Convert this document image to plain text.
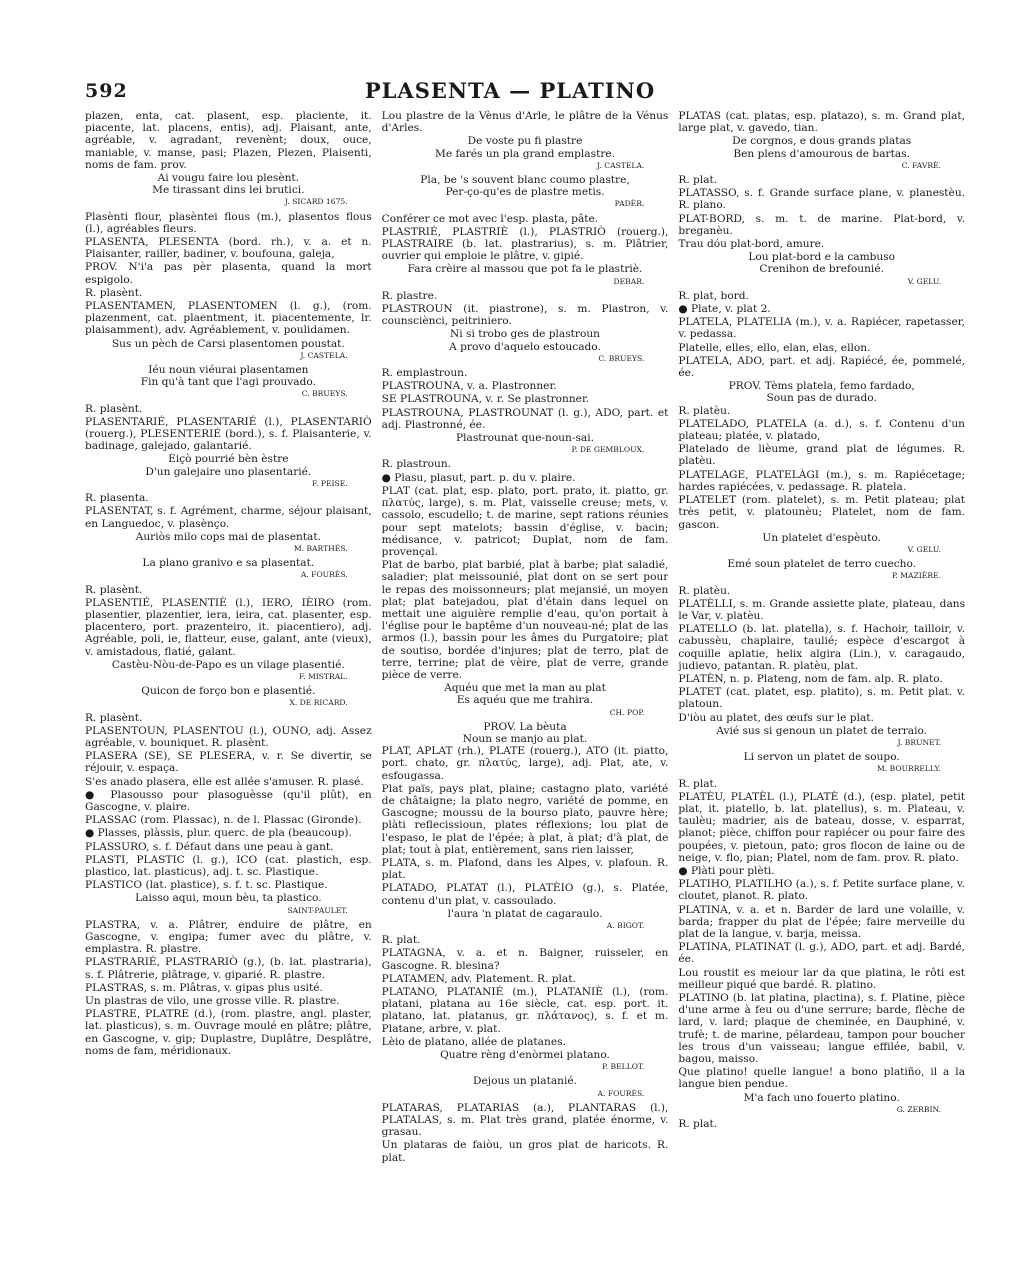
592	PLASENTA — PLATINO
plazen, enta, cat. plasent, esp. placiente, it. piacente, lat. placens, entis), adj. Plaisant, ante, agréable, v. agradant, revenènt; doux, ouce, maniable, v. manse, pasi; Plazen, Plezen, Plaisenti, noms de fam. prov.
Ai vougu faire lou plesènt.
Me tirassant dins lei brutici.
J. SICARD 1675.
Plasènti flour, plasèntei flous (m.), plasentos flous (l.), agréables fleurs.
PLASENTA, PLESENTA (bord. rh.), v. a. et n. Plaisanter, railler, badiner, v. boufouna, galeja,
PROV. N'i'a pas pèr plasenta, quand la mort espigolo.
R. plasènt.
PLASENTAMEN, PLASENTOMEN (l. g.), (rom. plazenment, cat. plaentment, it. piacentemente, lr. plaisamment), adv. Agréablement, v. poulidamen.
Sus un pèch de Carsi plasentomen poustat.
J. CASTELA.
Iéu noun viéurai plasentamen
Fin qu'à tant que l'agi prouvado.
C. BRUEYS.
R. plasènt.
PLASENTARIÉ, PLASENTARIÉ (l.), PLASENTARIÒ (rouerg.), PLESENTERIÉ (bord.), s. f. Plaisanterie, v. badinage, galejado, galantarié.
Eiçò pourrié bèn èstre
D'un galejaire uno plasentarié.
F. PEISE.
R. plasenta.
PLASENTAT, s. f. Agrément, charme, séjour plaisant, en Languedoc, v. plasènço.
Auriòs milo cops mai de plasentat.
M. BARTHÉS.
La plano granivo e sa plasentat.
A. FOURÈS.
R. plasènt.
PLASENTIÉ, PLASENTIÈ (l.), IERO, IÈIRO (rom. plasentier, plazentier, iera, ieira, cat. plasenter, esp. placentero, port. prazenteiro, it. piacentiero), adj. Agréable, poli, ie, flatteur, euse, galant, ante (vieux), v. amistadous, flatié, galant.
Castèu-Nòu-de-Papo es un vilage plasentié.
F. MISTRAL.
Quicon de forço bon e plasentié.
X. DE RICARD.
R. plasènt.
PLASENTOUN, PLASENTOU (l.), OUNO, adj. Assez agréable, v. bouniquet. R. plasènt.
PLASERA (SE), SE PLESERA, v. r. Se divertir, se réjouir, v. espaça.
S'es anado plasera, elle est allée s'amuser. R. plasé.
● Plasousso pour plasoguèsse (qu'il plût), en Gascogne, v. plaire.
PLASSAC (rom. Plassac), n. de l. Plassac (Gironde).
● Plasses, plàssis, plur. querc. de pla (beaucoup).
PLASSURO, s. f. Défaut dans une peau à gant.
PLASTI, PLASTIC (l. g.), ICO (cat. plastich, esp. plastico, lat. plasticus), adj. t. sc. Plastique.
PLASTICO (lat. plastice), s. f. t. sc. Plastique.
Laisso aqui, moun bèu, ta plastico.
SAINT-PAULET.
PLASTRA, v. a. Plâtrer, enduire de plâtre, en Gascogne, v. engipa; fumer avec du plâtre, v. emplastra. R. plastre.
PLASTRARIÉ, PLASTRARIÒ (g.), (b. lat. plastraria), s. f. Plâtrerie, plâtrage, v. giparié. R. plastre.
PLASTRAS, s. m. Plâtras, v. gipas plus usité.
Un plastras de vilo, une grosse ville. R. plastre.
PLASTRE, PLATRE (d.), (rom. plastre, angl. plaster, lat. plasticus), s. m. Ouvrage moulé en plâtre; plâtre, en Gascogne, v. gip; Duplastre, Duplâtre, Desplâtre, noms de fam, méridionaux.
Lou plastre de la Vènus d'Arle, le plâtre de la Vénus d'Arles.
De voste pu fi plastre
Me farés un pla grand emplastre.
J. CASTELA.
Pla, be 's souvent blanc coumo plastre,
Per-ço-qu'es de plastre metis.
PADÈR.
Conférer ce mot avec l'esp. plasta, pâte.
PLASTRIÉ, PLASTRIÈ (l.), PLASTRIÒ (rouerg.), PLASTRAIRE (b. lat. plastrarius), s. m. Plâtrier, ouvrier qui emploie le plâtre, v. gipié.
Fara crèire al massou que pot fa le plastriè.
DEBAR.
R. plastre.
PLASTROUN (it. piastrone), s. m. Plastron, v. counsciènci, peitriniero.
Ni si trobo ges de plastroun
A provo d'aquelo estoucado.
C. BRUEYS.
R. emplastroun.
PLASTROUNA, v. a. Plastronner.
SE PLASTROUNA, v. r. Se plastronner.
PLASTROUNA, PLASTROUNAT (l. g.), ADO, part. et adj. Plastronné, ée.
Plastrounat que-noun-sai.
P. DE GEMBLOUX.
R. plastroun.
● Plasu, plasut, part. p. du v. plaire.
PLAT (cat. plat, esp. plato, port. prato, it. piatto, gr. πλατύς, large), s. m. Plat, vaisselle creuse; mets, v. cassolo, escudello; t. de marine, sept rations réunies pour sept matelots; bassin d'église, v. bacin; médisance, v. patricot; Duplat, nom de fam. provençal.
Plat de barbo, plat barbié, plat à barbe; plat saladié, saladier; plat meissounié, plat dont on se sert pour le repas des moissonneurs; plat mejansié, un moyen plat; plat batejadou, plat d'étain dans lequel on mettait une aiguière remplie d'eau, qu'on portait à l'église pour le baptême d'un nouveau-né; plat de las armos (l.), bassin pour les âmes du Purgatoire; plat de soutiso, bordée d'injures; plat de terro, plat de terre, terrine; plat de vèire, plat de verre, grande pièce de verre.
Aquéu que met la man au plat
Es aquéu que me trahira.
CH. POP.
PROV. La bèuta
Noun se manjo au plat.
PLAT, APLAT (rh.), PLATE (rouerg.), ATO (it. piatto, port. chato, gr. πλατύς, large), adj. Plat, ate, v. esfougassa.
Plat païs, pays plat, plaine; castagno plato, variété de châtaigne; la plato negro, variété de pomme, en Gascogne; moussu de la bourso plato, pauvre hère; plàti reflecissioun, plates réflexions; lou plat de l'espaso, le plat de l'épée; à plat, à plat; d'à plat, de plat; tout à plat, entièrement, sans rien laisser,
PLATA, s. m. Plafond, dans les Alpes, v. plafoun. R. plat.
PLATADO, PLATAT (l.), PLATÈIO (g.), s. Platée, contenu d'un plat, v. cassoulado.
l'aura 'n platat de cagaraulo.
A. BIGOT.
R. plat.
PLATAGNA, v. a. et n. Baigner, ruisseler, en Gascogne. R. blesina?
PLATAMEN, adv. Platement. R. plat.
PLATANO, PLATANIÉ (m.), PLATANIÈ (l.), (rom. platani, platana au 16e siècle, cat. esp. port. it. platano, lat. platanus, gr. πλάτανος), s. f. et m. Platane, arbre, v. plat.
Lèio de platano, allée de platanes.
Quatre rèng d'enòrmei platano.
P. BELLOT.
Dejous un platanié.
A. FOURÈS.
PLATARAS, PLATARIAS (a.), PLANTARAS (l.), PLATALAS, s. m. Plat très grand, platée énorme, v. grasau.
Un plataras de faiòu, un gros plat de haricots. R. plat.
PLATAS (cat. platas, esp. platazo), s. m. Grand plat, large plat, v. gavedo, tian.
De corgnos, e dous grands platas
Ben plens d'amourous de bartas.
C. FAVRÈ.
R. plat.
PLATASSO, s. f. Grande surface plane, v. planestèu. R. plano.
PLAT-BORD, s. m. t. de marine. Plat-bord, v. breganèu.
Trau dóu plat-bord, amure.
Lou plat-bord e la cambuso
Crenihon de brefounié.
V. GELU.
R. plat, bord.
● Plate, v. plat 2.
PLATELA, PLATELIA (m.), v. a. Rapiécer, rapetasser, v. pedassa.
Platelle, elles, ello, elan, elas, ellon.
PLATELA, ADO, part. et adj. Rapiécé, ée, pommelé, ée.
PROV. Tèms platela, femo fardado,
Soun pas de durado.
R. platèu.
PLATELADO, PLATELA (a. d.), s. f. Contenu d'un plateau; platée, v. platado,
Platelado de lièume, grand plat de légumes. R. platèu.
PLATELAGE, PLATELÀGI (m.), s. m. Rapiécetage; hardes rapiécées, v. pedassage. R. platela.
PLATELET (rom. platelet), s. m. Petit plateau; plat très petit, v. platounèu; Platelet, nom de fam. gascon.
Un platelet d'espèuto.
V. GELU.
Emé soun platelet de terro cuecho.
P. MAZIÈRE.
R. platèu.
PLATÈLLI, s. m. Grande assiette plate, plateau, dans le Var, v. platèu.
PLATELLO (b. lat. platella), s. f. Hachoir, tailloir, v. cabussèu, chaplaire, taulié; espèce d'escargot à coquille aplatie, helix algira (Lin.), v. caragaudo, judievo, patantan. R. platèu, plat.
PLATÈN, n. p. Plateng, nom de fam. alp. R. plato.
PLATET (cat. platet, esp. platito), s. m. Petit plat. v. platoun.
D'iòu au platet, des œufs sur le plat.
Avié sus si genoun un platet de terraio.
J. BRUNET.
Li servon un platet de soupo.
M. BOURRELLY.
R. plat.
PLATÈU, PLATÈL (l.), PLATÈ (d.), (esp. platel, petit plat, it. piatello, b. lat. platellus), s. m. Plateau, v. taulèu; madrier, ais de bateau, dosse, v. esparrat, planot; pièce, chiffon pour rapiécer ou pour faire des poupées, v. pietoun, pato; gros flocon de laine ou de neige, v. flo, pian; Platel, nom de fam. prov. R. plato.
● Plàti pour plèti.
PLATIHO, PLATILHO (a.), s. f. Petite surface plane, v. cloutet, planot. R. plato.
PLATINA, v. a. et n. Barder de lard une volaille, v. barda; frapper du plat de l'épée; faire merveille du plat de la langue, v. barja, meissa.
PLATINA, PLATINAT (l. g.), ADO, part. et adj. Bardé, ée.
Lou roustit es meiour lar da que platina, le rôti est meilleur piqué que bardé. R. platino.
PLATINO (b. lat platina, plactina), s. f. Platine, pièce d'une arme à feu ou d'une serrure; barde, flèche de lard, v. lard; plaque de cheminée, en Dauphiné, v. trufè; t. de marine, pélardeau, tampon pour boucher les trous d'un vaisseau; langue effilée, babil, v. bagou, maisso.
Que platino! quelle langue! a bono platiño, il a la langue bien pendue.
M'a fach uno fouerto platino.
G. ZERBIN.
R. plat.
